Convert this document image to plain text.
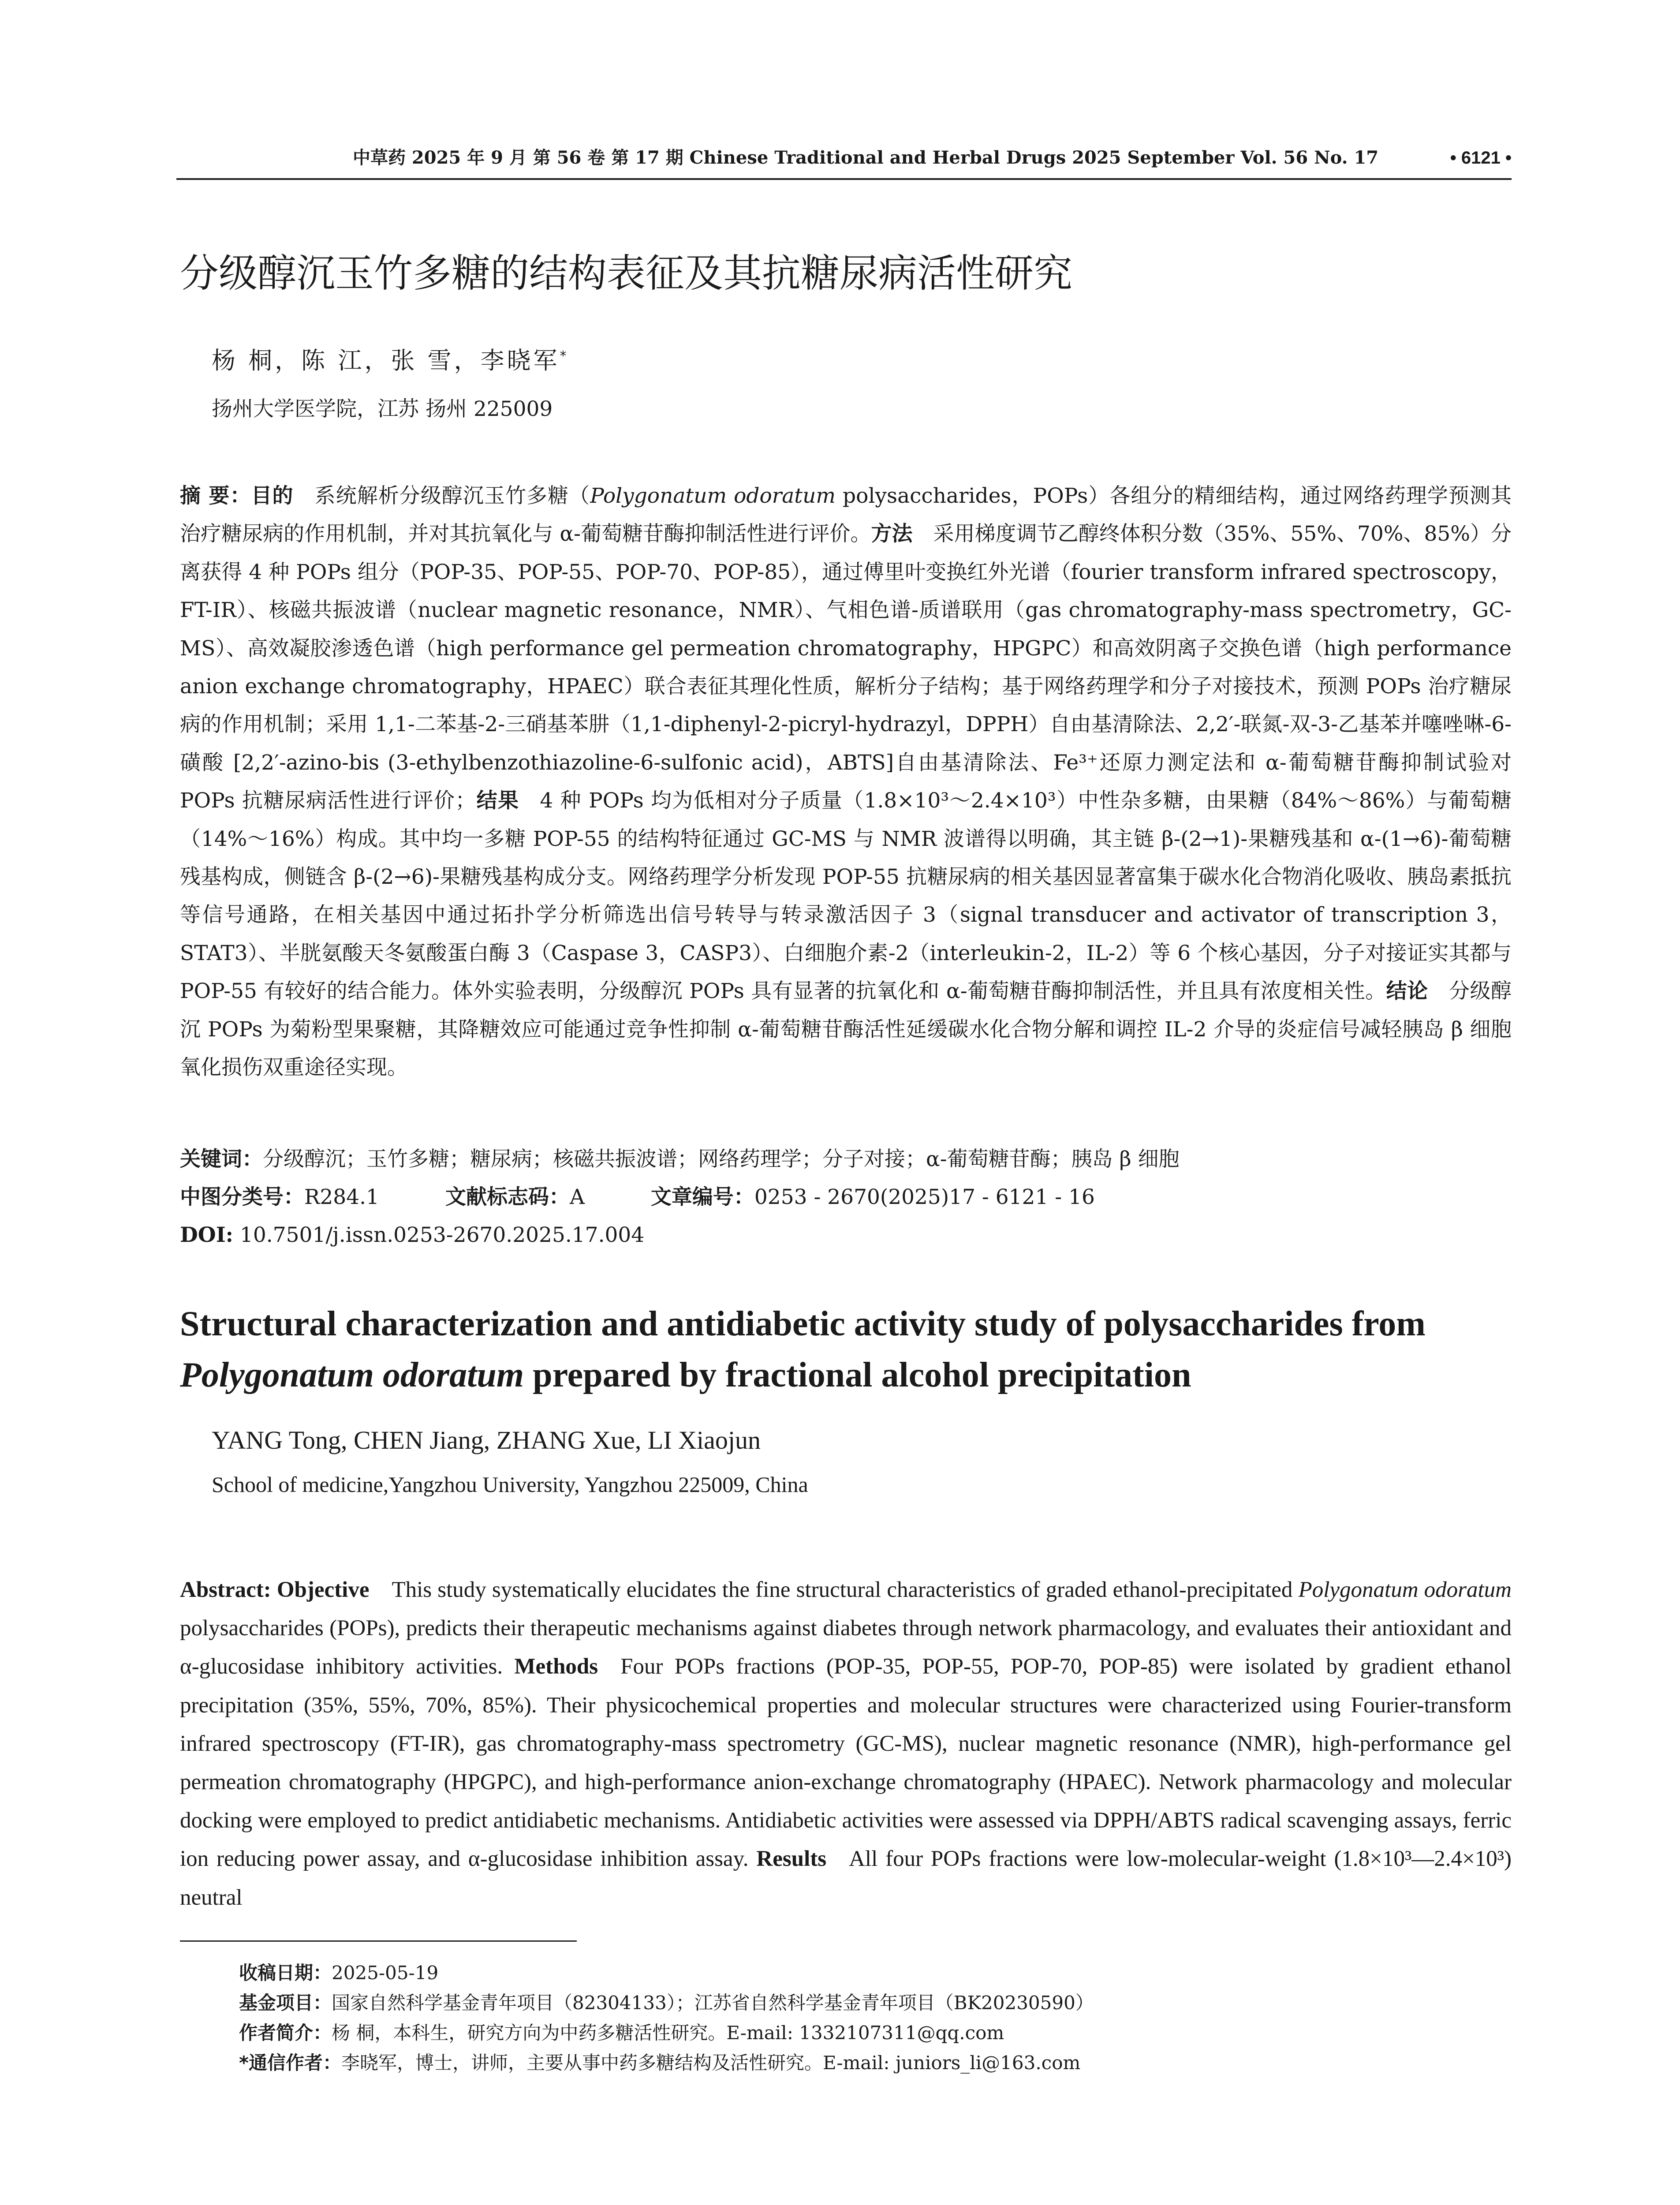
中草药 2025 年 9 月 第 56 卷 第 17 期 Chinese Traditional and Herbal Drugs 2025 September Vol. 56 No. 17	• 6121 •
分级醇沉玉竹多糖的结构表征及其抗糖尿病活性研究
杨 桐，陈 江，张 雪，李晓军*
扬州大学医学院，江苏 扬州 225009
摘 要：目的  系统解析分级醇沉玉竹多糖（Polygonatum odoratum polysaccharides，POPs）各组分的精细结构，通过网络药理学预测其治疗糖尿病的作用机制，并对其抗氧化与 α-葡萄糖苷酶抑制活性进行评价。方法  采用梯度调节乙醇终体积分数（35%、55%、70%、85%）分离获得 4 种 POPs 组分（POP-35、POP-55、POP-70、POP-85），通过傅里叶变换红外光谱（fourier transform infrared spectroscopy，FT-IR）、核磁共振波谱（nuclear magnetic resonance，NMR）、气相色谱-质谱联用（gas chromatography-mass spectrometry，GC-MS）、高效凝胶渗透色谱（high performance gel permeation chromatography，HPGPC）和高效阴离子交换色谱（high performance anion exchange chromatography，HPAEC）联合表征其理化性质，解析分子结构；基于网络药理学和分子对接技术，预测 POPs 治疗糖尿病的作用机制；采用 1,1-二苯基-2-三硝基苯肼（1,1-diphenyl-2-picryl-hydrazyl，DPPH）自由基清除法、2,2′-联氮-双-3-乙基苯并噻唑啉-6-磺酸 [2,2′-azino-bis (3-ethylbenzothiazoline-6-sulfonic acid)，ABTS]自由基清除法、Fe³⁺还原力测定法和 α-葡萄糖苷酶抑制试验对 POPs 抗糖尿病活性进行评价；结果  4 种 POPs 均为低相对分子质量（1.8×10³～2.4×10³）中性杂多糖，由果糖（84%～86%）与葡萄糖（14%～16%）构成。其中均一多糖 POP-55 的结构特征通过 GC-MS 与 NMR 波谱得以明确，其主链 β-(2→1)-果糖残基和 α-(1→6)-葡萄糖残基构成，侧链含 β-(2→6)-果糖残基构成分支。网络药理学分析发现 POP-55 抗糖尿病的相关基因显著富集于碳水化合物消化吸收、胰岛素抵抗等信号通路，在相关基因中通过拓扑学分析筛选出信号转导与转录激活因子 3（signal transducer and activator of transcription 3，STAT3）、半胱氨酸天冬氨酸蛋白酶 3（Caspase 3，CASP3）、白细胞介素-2（interleukin-2，IL-2）等 6 个核心基因，分子对接证实其都与 POP-55 有较好的结合能力。体外实验表明，分级醇沉 POPs 具有显著的抗氧化和 α-葡萄糖苷酶抑制活性，并且具有浓度相关性。结论  分级醇沉 POPs 为菊粉型果聚糖，其降糖效应可能通过竞争性抑制 α-葡萄糖苷酶活性延缓碳水化合物分解和调控 IL-2 介导的炎症信号减轻胰岛 β 细胞氧化损伤双重途径实现。
关键词：分级醇沉；玉竹多糖；糖尿病；核磁共振波谱；网络药理学；分子对接；α-葡萄糖苷酶；胰岛 β 细胞
中图分类号：R284.1	文献标志码：A	文章编号：0253 - 2670(2025)17 - 6121 - 16
DOI: 10.7501/j.issn.0253-2670.2025.17.004
Structural characterization and antidiabetic activity study of polysaccharides from Polygonatum odoratum prepared by fractional alcohol precipitation
YANG Tong, CHEN Jiang, ZHANG Xue, LI Xiaojun
School of medicine,Yangzhou University, Yangzhou 225009, China
Abstract: Objective  This study systematically elucidates the fine structural characteristics of graded ethanol-precipitated Polygonatum odoratum polysaccharides (POPs), predicts their therapeutic mechanisms against diabetes through network pharmacology, and evaluates their antioxidant and α-glucosidase inhibitory activities. Methods  Four POPs fractions (POP-35, POP-55, POP-70, POP-85) were isolated by gradient ethanol precipitation (35%, 55%, 70%, 85%). Their physicochemical properties and molecular structures were characterized using Fourier-transform infrared spectroscopy (FT-IR), gas chromatography-mass spectrometry (GC-MS), nuclear magnetic resonance (NMR), high-performance gel permeation chromatography (HPGPC), and high-performance anion-exchange chromatography (HPAEC). Network pharmacology and molecular docking were employed to predict antidiabetic mechanisms. Antidiabetic activities were assessed via DPPH/ABTS radical scavenging assays, ferric ion reducing power assay, and α-glucosidase inhibition assay. Results  All four POPs fractions were low-molecular-weight (1.8×10³—2.4×10³) neutral
收稿日期：2025-05-19
基金项目：国家自然科学基金青年项目（82304133）；江苏省自然科学基金青年项目（BK20230590）
作者简介：杨 桐，本科生，研究方向为中药多糖活性研究。E-mail: 1332107311@qq.com
*通信作者：李晓军，博士，讲师，主要从事中药多糖结构及活性研究。E-mail: juniors_li@163.com
